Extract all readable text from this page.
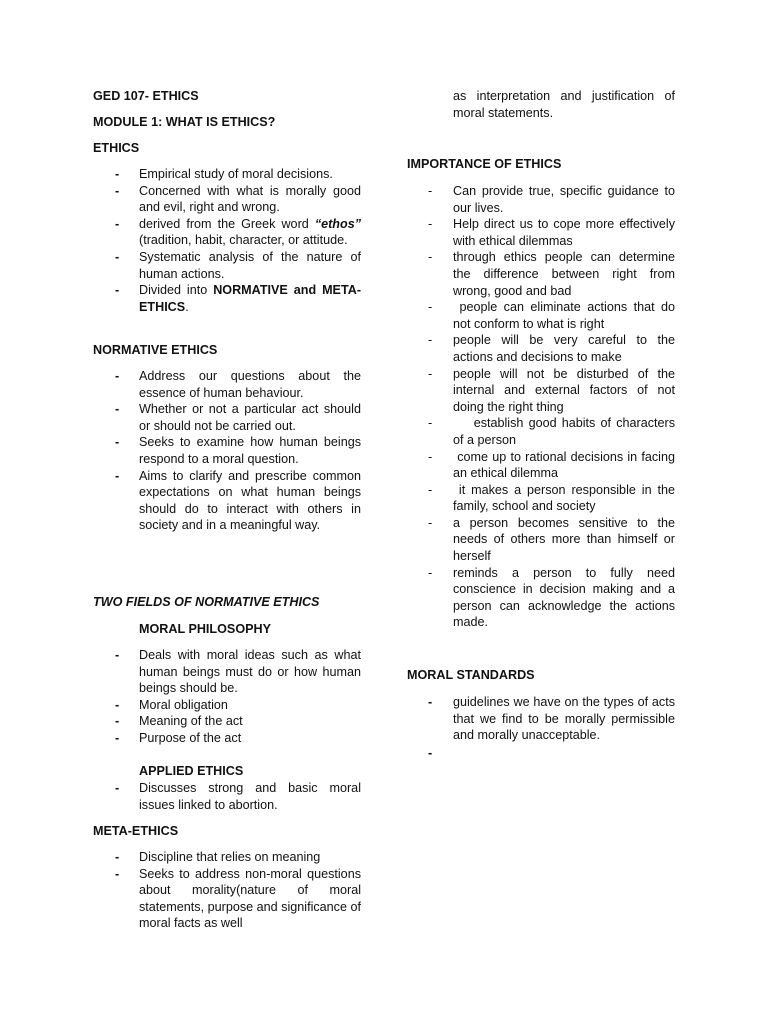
GED 107- ETHICS
MODULE 1: WHAT IS ETHICS?
ETHICS
- Empirical study of moral decisions.
- Concerned with what is morally good and evil, right and wrong.
- derived from the Greek word “ethos” (tradition, habit, character, or attitude.
- Systematic analysis of the nature of human actions.
- Divided into NORMATIVE and META-ETHICS.
NORMATIVE ETHICS
- Address our questions about the essence of human behaviour.
- Whether or not a particular act should or should not be carried out.
- Seeks to examine how human beings respond to a moral question.
- Aims to clarify and prescribe common expectations on what human beings should do to interact with others in society and in a meaningful way.
TWO FIELDS OF NORMATIVE ETHICS
MORAL PHILOSOPHY
- Deals with moral ideas such as what human beings must do or how human beings should be.
- Moral obligation
- Meaning of the act
- Purpose of the act
APPLIED ETHICS
- Discusses strong and basic moral issues linked to abortion.
META-ETHICS
- Discipline that relies on meaning
- Seeks to address non-moral questions about morality(nature of moral statements, purpose and significance of moral facts as well
as interpretation and justification of moral statements.
IMPORTANCE OF ETHICS
- Can provide true, specific guidance to our lives.
- Help direct us to cope more effectively with ethical dilemmas
- through ethics people can determine the difference between right from wrong, good and bad
- people can eliminate actions that do not conform to what is right
- people will be very careful to the actions and decisions to make
- people will not be disturbed of the internal and external factors of not doing the right thing
- establish good habits of characters of a person
- come up to rational decisions in facing an ethical dilemma
- it makes a person responsible in the family, school and society
- a person becomes sensitive to the needs of others more than himself or herself
- reminds a person to fully need conscience in decision making and a person can acknowledge the actions made.
MORAL STANDARDS
- guidelines we have on the types of acts that we find to be morally permissible and morally unacceptable.
-
